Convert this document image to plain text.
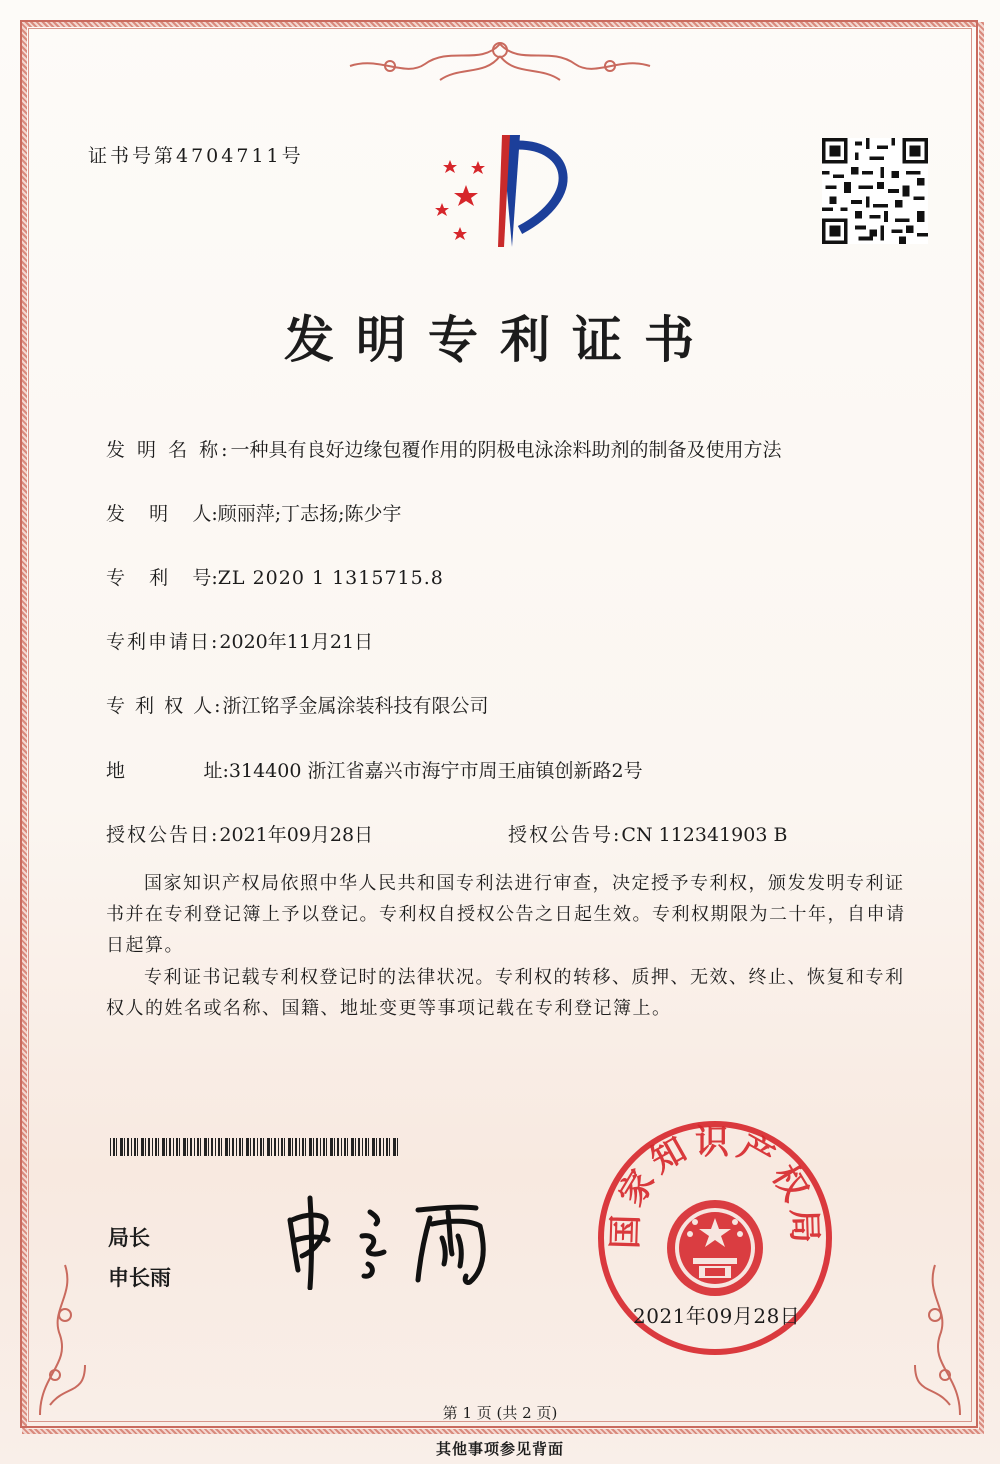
证书号第4704711号
发明专利证书
发 明 名 称:一种具有良好边缘包覆作用的阴极电泳涂料助剂的制备及使用方法
发    明    人:顾丽萍;丁志扬;陈少宇
专    利    号:ZL 2020 1 1315715.8
专利申请日:2020年11月21日
专 利 权 人:浙江铭孚金属涂装科技有限公司
地             址:314400 浙江省嘉兴市海宁市周王庙镇创新路2号
授权公告日:2021年09月28日	授权公告号:CN 112341903 B
国家知识产权局依照中华人民共和国专利法进行审查，决定授予专利权，颁发发明专利证书并在专利登记簿上予以登记。专利权自授权公告之日起生效。专利权期限为二十年，自申请日起算。
专利证书记载专利权登记时的法律状况。专利权的转移、质押、无效、终止、恢复和专利权人的姓名或名称、国籍、地址变更等事项记载在专利登记簿上。
局长
申长雨
国家知识产权局
2021年09月28日
第 1 页 (共 2 页)
其他事项参见背面
